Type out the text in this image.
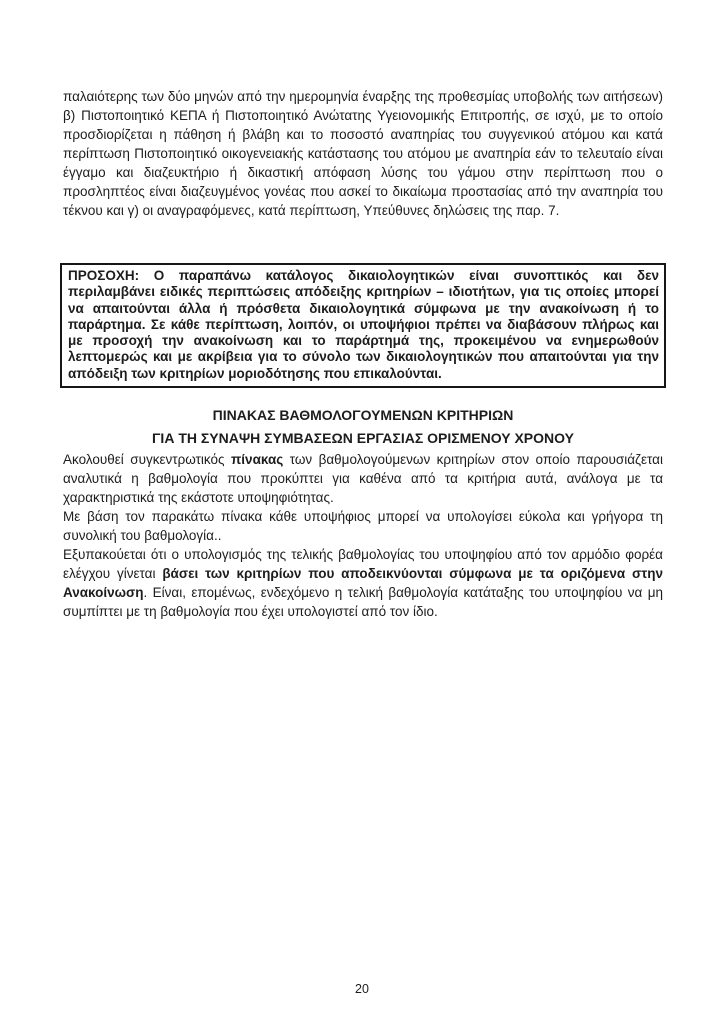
παλαιότερης των δύο μηνών από την ημερομηνία έναρξης της προθεσμίας υποβολής των αιτήσεων) β) Πιστοποιητικό ΚΕΠΑ ή Πιστοποιητικό Ανώτατης Υγειονομικής Επιτροπής, σε ισχύ, με το οποίο προσδιορίζεται η πάθηση ή βλάβη και το ποσοστό αναπηρίας του συγγενικού ατόμου και κατά περίπτωση Πιστοποιητικό οικογενειακής κατάστασης του ατόμου με αναπηρία εάν το τελευταίο είναι έγγαμο και διαζευκτήριο ή δικαστική απόφαση λύσης του γάμου στην περίπτωση που ο προσληπτέος είναι διαζευγμένος γονέας που ασκεί το δικαίωμα προστασίας από την αναπηρία του τέκνου και γ) οι αναγραφόμενες, κατά περίπτωση, Υπεύθυνες δηλώσεις της παρ. 7.

ΠΡΟΣΟΧΗ: Ο παραπάνω κατάλογος δικαιολογητικών είναι συνοπτικός και δεν περιλαμβάνει ειδικές περιπτώσεις απόδειξης κριτηρίων – ιδιοτήτων, για τις οποίες μπορεί να απαιτούνται άλλα ή πρόσθετα δικαιολογητικά σύμφωνα με την ανακοίνωση ή το παράρτημα. Σε κάθε περίπτωση, λοιπόν, οι υποψήφιοι πρέπει να διαβάσουν πλήρως και με προσοχή την ανακοίνωση και το παράρτημά της, προκειμένου να ενημερωθούν λεπτομερώς και με ακρίβεια για το σύνολο των δικαιολογητικών που απαιτούνται για την απόδειξη των κριτηρίων μοριοδότησης που επικαλούνται.

ΠΙΝΑΚΑΣ ΒΑΘΜΟΛΟΓΟΥΜΕΝΩΝ ΚΡΙΤΗΡΙΩΝ
ΓΙΑ ΤΗ ΣΥΝΑΨΗ ΣΥΜΒΑΣΕΩΝ ΕΡΓΑΣΙΑΣ ΟΡΙΣΜΕΝΟΥ ΧΡΟΝΟΥ

Ακολουθεί συγκεντρωτικός πίνακας των βαθμολογούμενων κριτηρίων στον οποίο παρουσιάζεται αναλυτικά η βαθμολογία που προκύπτει για καθένα από τα κριτήρια αυτά, ανάλογα με τα χαρακτηριστικά της εκάστοτε υποψηφιότητας.

Με βάση τον παρακάτω πίνακα κάθε υποψήφιος μπορεί να υπολογίσει εύκολα και γρήγορα τη συνολική του βαθμολογία..

Εξυπακούεται ότι ο υπολογισμός της τελικής βαθμολογίας του υποψηφίου από τον αρμόδιο φορέα ελέγχου γίνεται βάσει των κριτηρίων που αποδεικνύονται σύμφωνα με τα οριζόμενα στην Ανακοίνωση. Είναι, επομένως, ενδεχόμενο η τελική βαθμολογία κατάταξης του υποψηφίου να μη συμπίπτει με τη βαθμολογία που έχει υπολογιστεί από τον ίδιο.

20
